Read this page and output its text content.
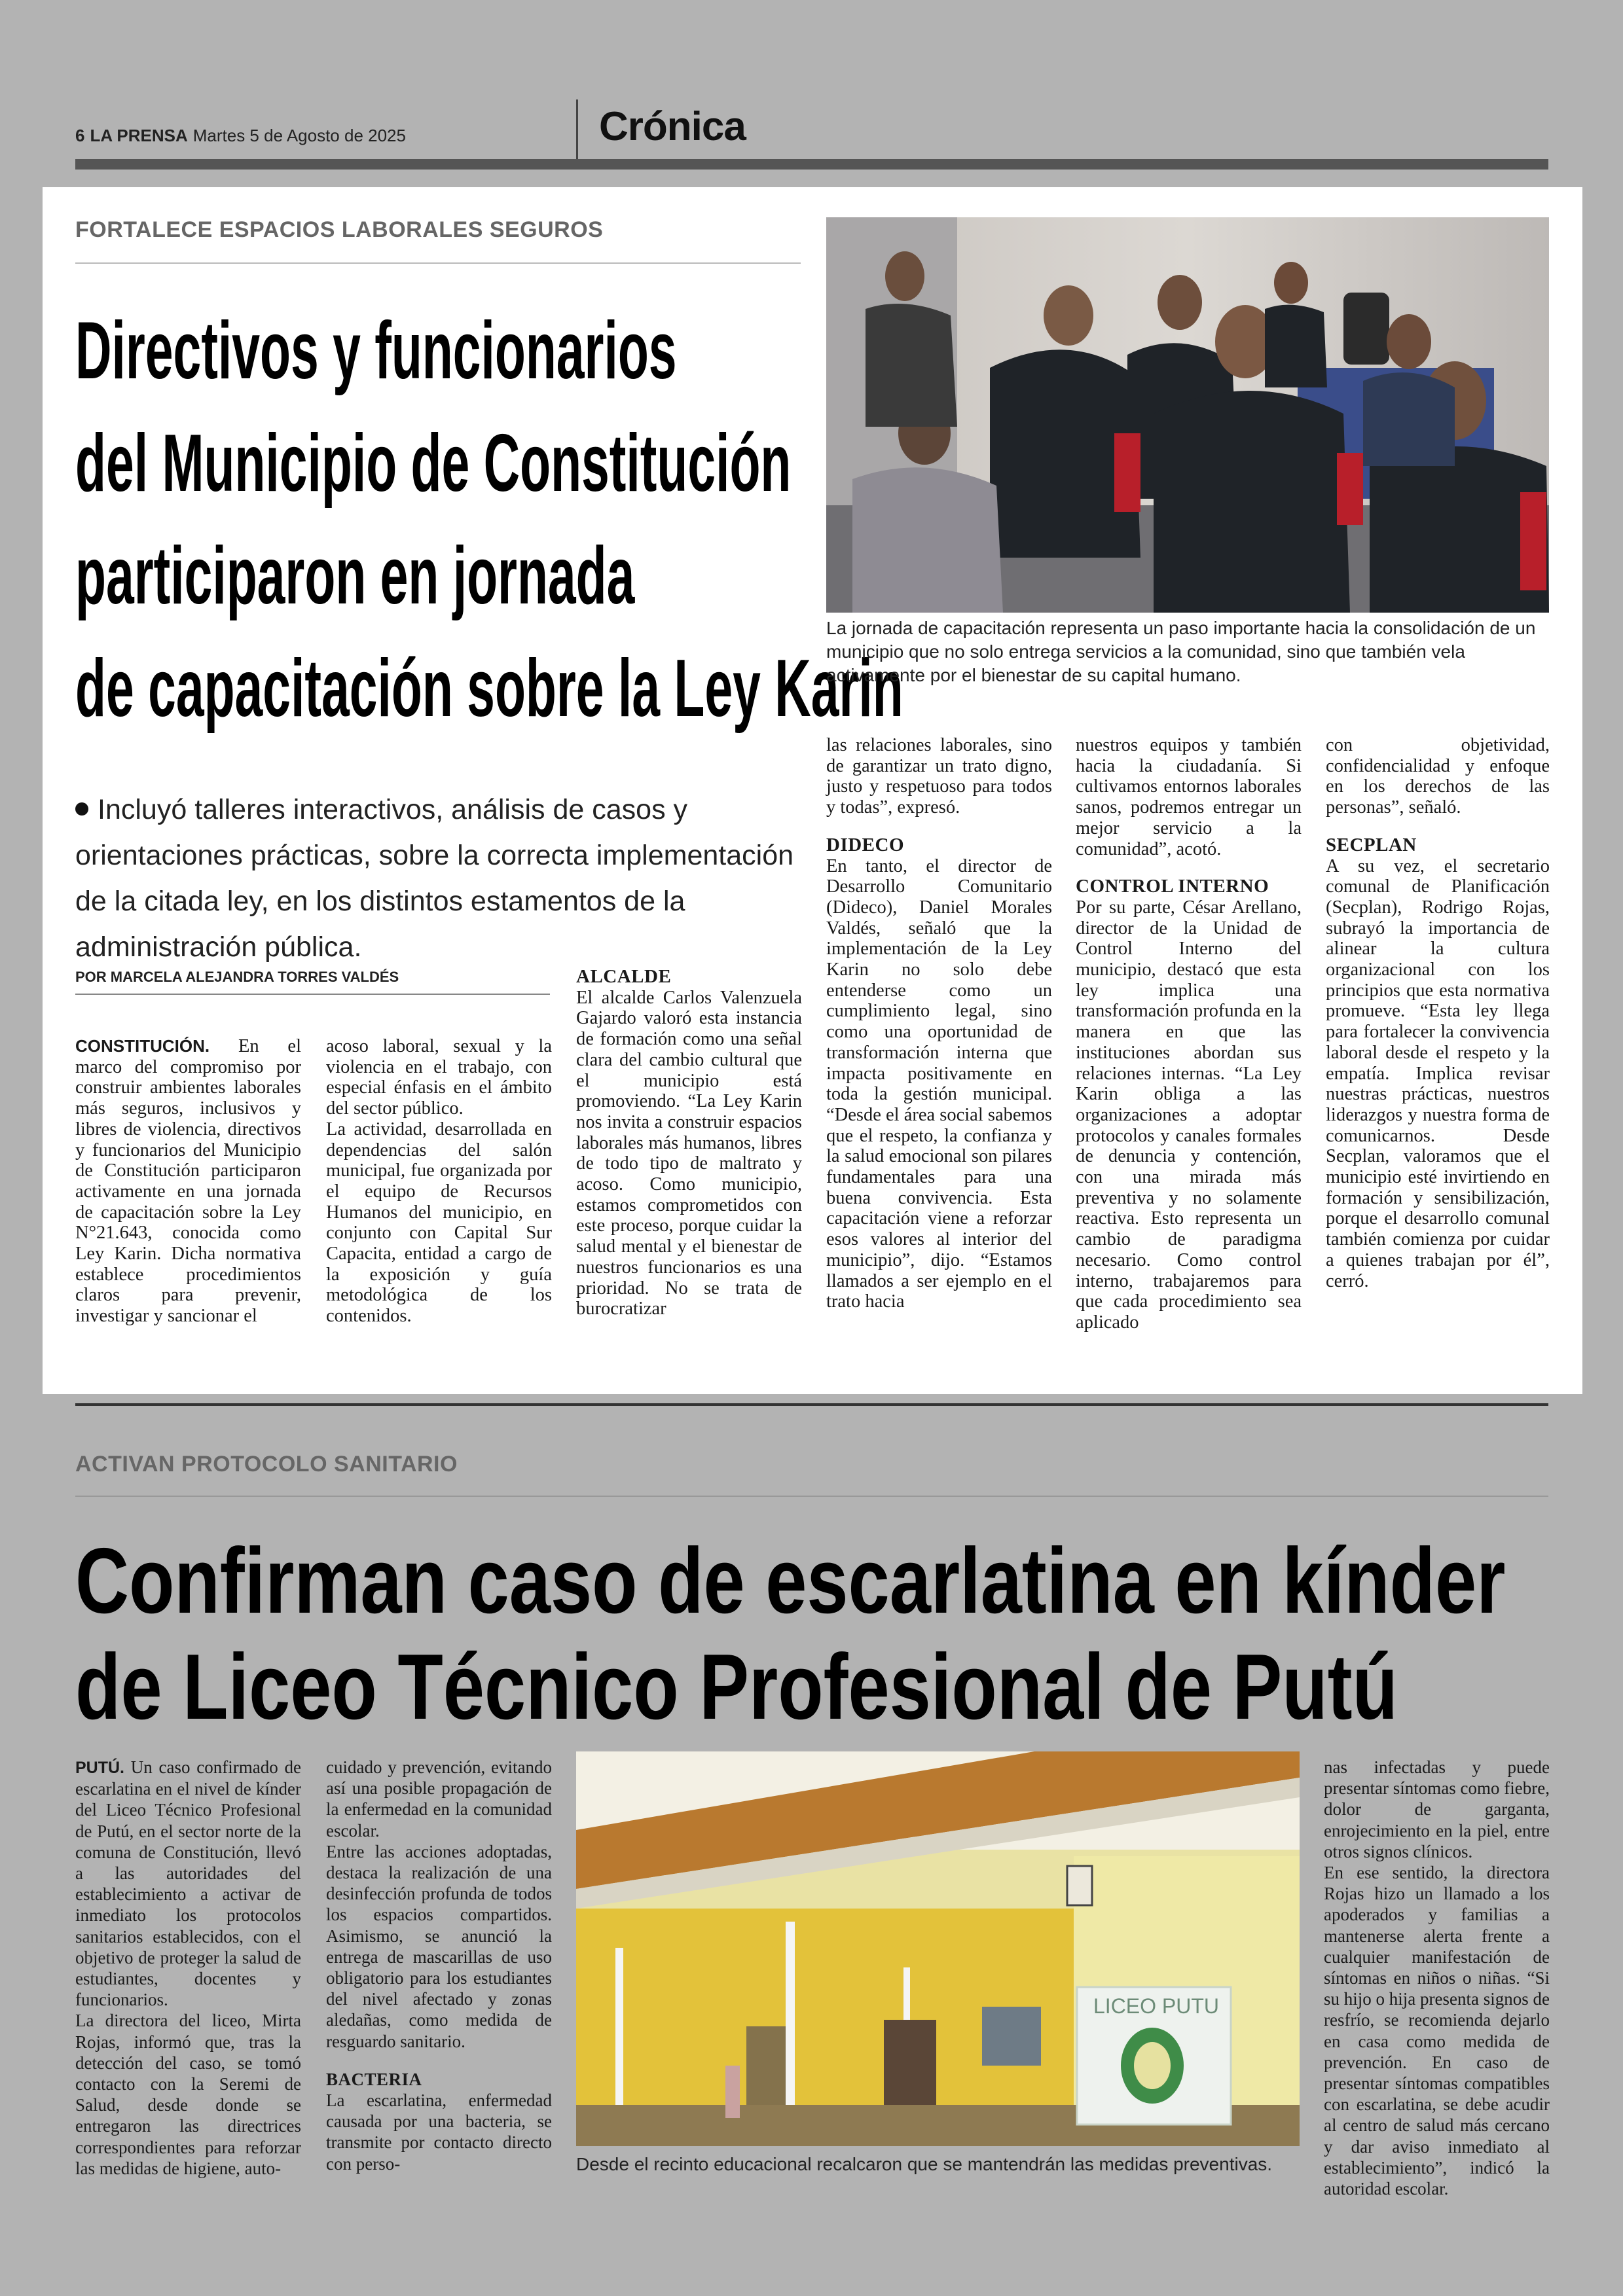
6 LA PRENSA Martes 5 de Agosto de 2025	Crónica
FORTALECE ESPACIOS LABORALES SEGUROS
Directivos y funcionarios
del Municipio de Constitución
participaron en jornada
de capacitación sobre la Ley Karin
Incluyó talleres interactivos, análisis de casos y orientaciones prácticas, sobre la correcta implementación de la citada ley, en los distintos estamentos de la administración pública.
POR MARCELA ALEJANDRA TORRES VALDÉS
La jornada de capacitación representa un paso importante hacia la consolidación de un municipio que no solo entrega servicios a la comunidad, sino que también vela activamente por el bienestar de su capital humano.

CONSTITUCIÓN. En el marco del compromiso por construir ambientes laborales más seguros, inclusivos y libres de violencia, directivos y funcionarios del Municipio de Constitución participaron activamente en una jornada de capacitación sobre la Ley N°21.643, conocida como Ley Karin. Dicha normativa establece procedimientos claros para prevenir, investigar y sancionar el

acoso laboral, sexual y la violencia en el trabajo, con especial énfasis en el ámbito del sector público.

La actividad, desarrollada en dependencias del salón municipal, fue organizada por el equipo de Recursos Humanos del municipio, en conjunto con Capital Sur Capacita, entidad a cargo de la exposición y guía metodológica de los contenidos.

ALCALDE

El alcalde Carlos Valenzuela Gajardo valoró esta instancia de formación como una señal clara del cambio cultural que el municipio está promoviendo. “La Ley Karin nos invita a construir espacios laborales más humanos, libres de todo tipo de maltrato y acoso. Como municipio, estamos comprometidos con este proceso, porque cuidar la salud mental y el bienestar de nuestros funcionarios es una prioridad. No se trata de burocratizar

las relaciones laborales, sino de garantizar un trato digno, justo y respetuoso para todos y todas”, expresó.

DIDECO

En tanto, el director de Desarrollo Comunitario (Dideco), Daniel Morales Valdés, señaló que la implementación de la Ley Karin no solo debe entenderse como un cumplimiento legal, sino como una oportunidad de transformación interna que impacta positivamente en toda la gestión municipal. “Desde el área social sabemos que el respeto, la confianza y la salud emocional son pilares fundamentales para una buena convivencia. Esta capacitación viene a reforzar esos valores al interior del municipio”, dijo. “Estamos llamados a ser ejemplo en el trato hacia

nuestros equipos y también hacia la ciudadanía. Si cultivamos entornos laborales sanos, podremos entregar un mejor servicio a la comunidad”, acotó.

CONTROL INTERNO

Por su parte, César Arellano, director de la Unidad de Control Interno del municipio, destacó que esta ley implica una transformación profunda en la manera en que las instituciones abordan sus relaciones internas. “La Ley Karin obliga a las organizaciones a adoptar protocolos y canales formales de denuncia y contención, con una mirada más preventiva y no solamente reactiva. Esto representa un cambio de paradigma necesario. Como control interno, trabajaremos para que cada procedimiento sea aplicado

con objetividad, confidencialidad y enfoque en los derechos de las personas”, señaló.

SECPLAN

A su vez, el secretario comunal de Planificación (Secplan), Rodrigo Rojas, subrayó la importancia de alinear la cultura organizacional con los principios que esta normativa promueve. “Esta ley llega para fortalecer la convivencia laboral desde el respeto y la empatía. Implica revisar nuestras prácticas, nuestros liderazgos y nuestra forma de comunicarnos. Desde Secplan, valoramos que el municipio esté invirtiendo en formación y sensibilización, porque el desarrollo comunal también comienza por cuidar a quienes trabajan por él”, cerró.

ACTIVAN PROTOCOLO SANITARIO
Confirman caso de escarlatina en kínder
de Liceo Técnico Profesional de Putú
LICEO PUTU
Desde el recinto educacional recalcaron que se mantendrán las medidas preventivas.

PUTÚ. Un caso confirmado de escarlatina en el nivel de kínder del Liceo Técnico Profesional de Putú, en el sector norte de la comuna de Constitución, llevó a las autoridades del establecimiento a activar de inmediato los protocolos sanitarios establecidos, con el objetivo de proteger la salud de estudiantes, docentes y funcionarios.

La directora del liceo, Mirta Rojas, informó que, tras la detección del caso, se tomó contacto con la Seremi de Salud, desde donde se entregaron las directrices correspondientes para reforzar las medidas de higiene, auto-

cuidado y prevención, evitando así una posible propagación de la enfermedad en la comunidad escolar.

Entre las acciones adoptadas, destaca la realización de una desinfección profunda de todos los espacios compartidos. Asimismo, se anunció la entrega de mascarillas de uso obligatorio para los estudiantes del nivel afectado y zonas aledañas, como medida de resguardo sanitario.

BACTERIA

La escarlatina, enfermedad causada por una bacteria, se transmite por contacto directo con perso-

nas infectadas y puede presentar síntomas como fiebre, dolor de garganta, enrojecimiento en la piel, entre otros signos clínicos.

En ese sentido, la directora Rojas hizo un llamado a los apoderados y familias a mantenerse alerta frente a cualquier manifestación de síntomas en niños o niñas. “Si su hijo o hija presenta signos de resfrío, se recomienda dejarlo en casa como medida de prevención. En caso de presentar síntomas compatibles con escarlatina, se debe acudir al centro de salud más cercano y dar aviso inmediato al establecimiento”, indicó la autoridad escolar.
